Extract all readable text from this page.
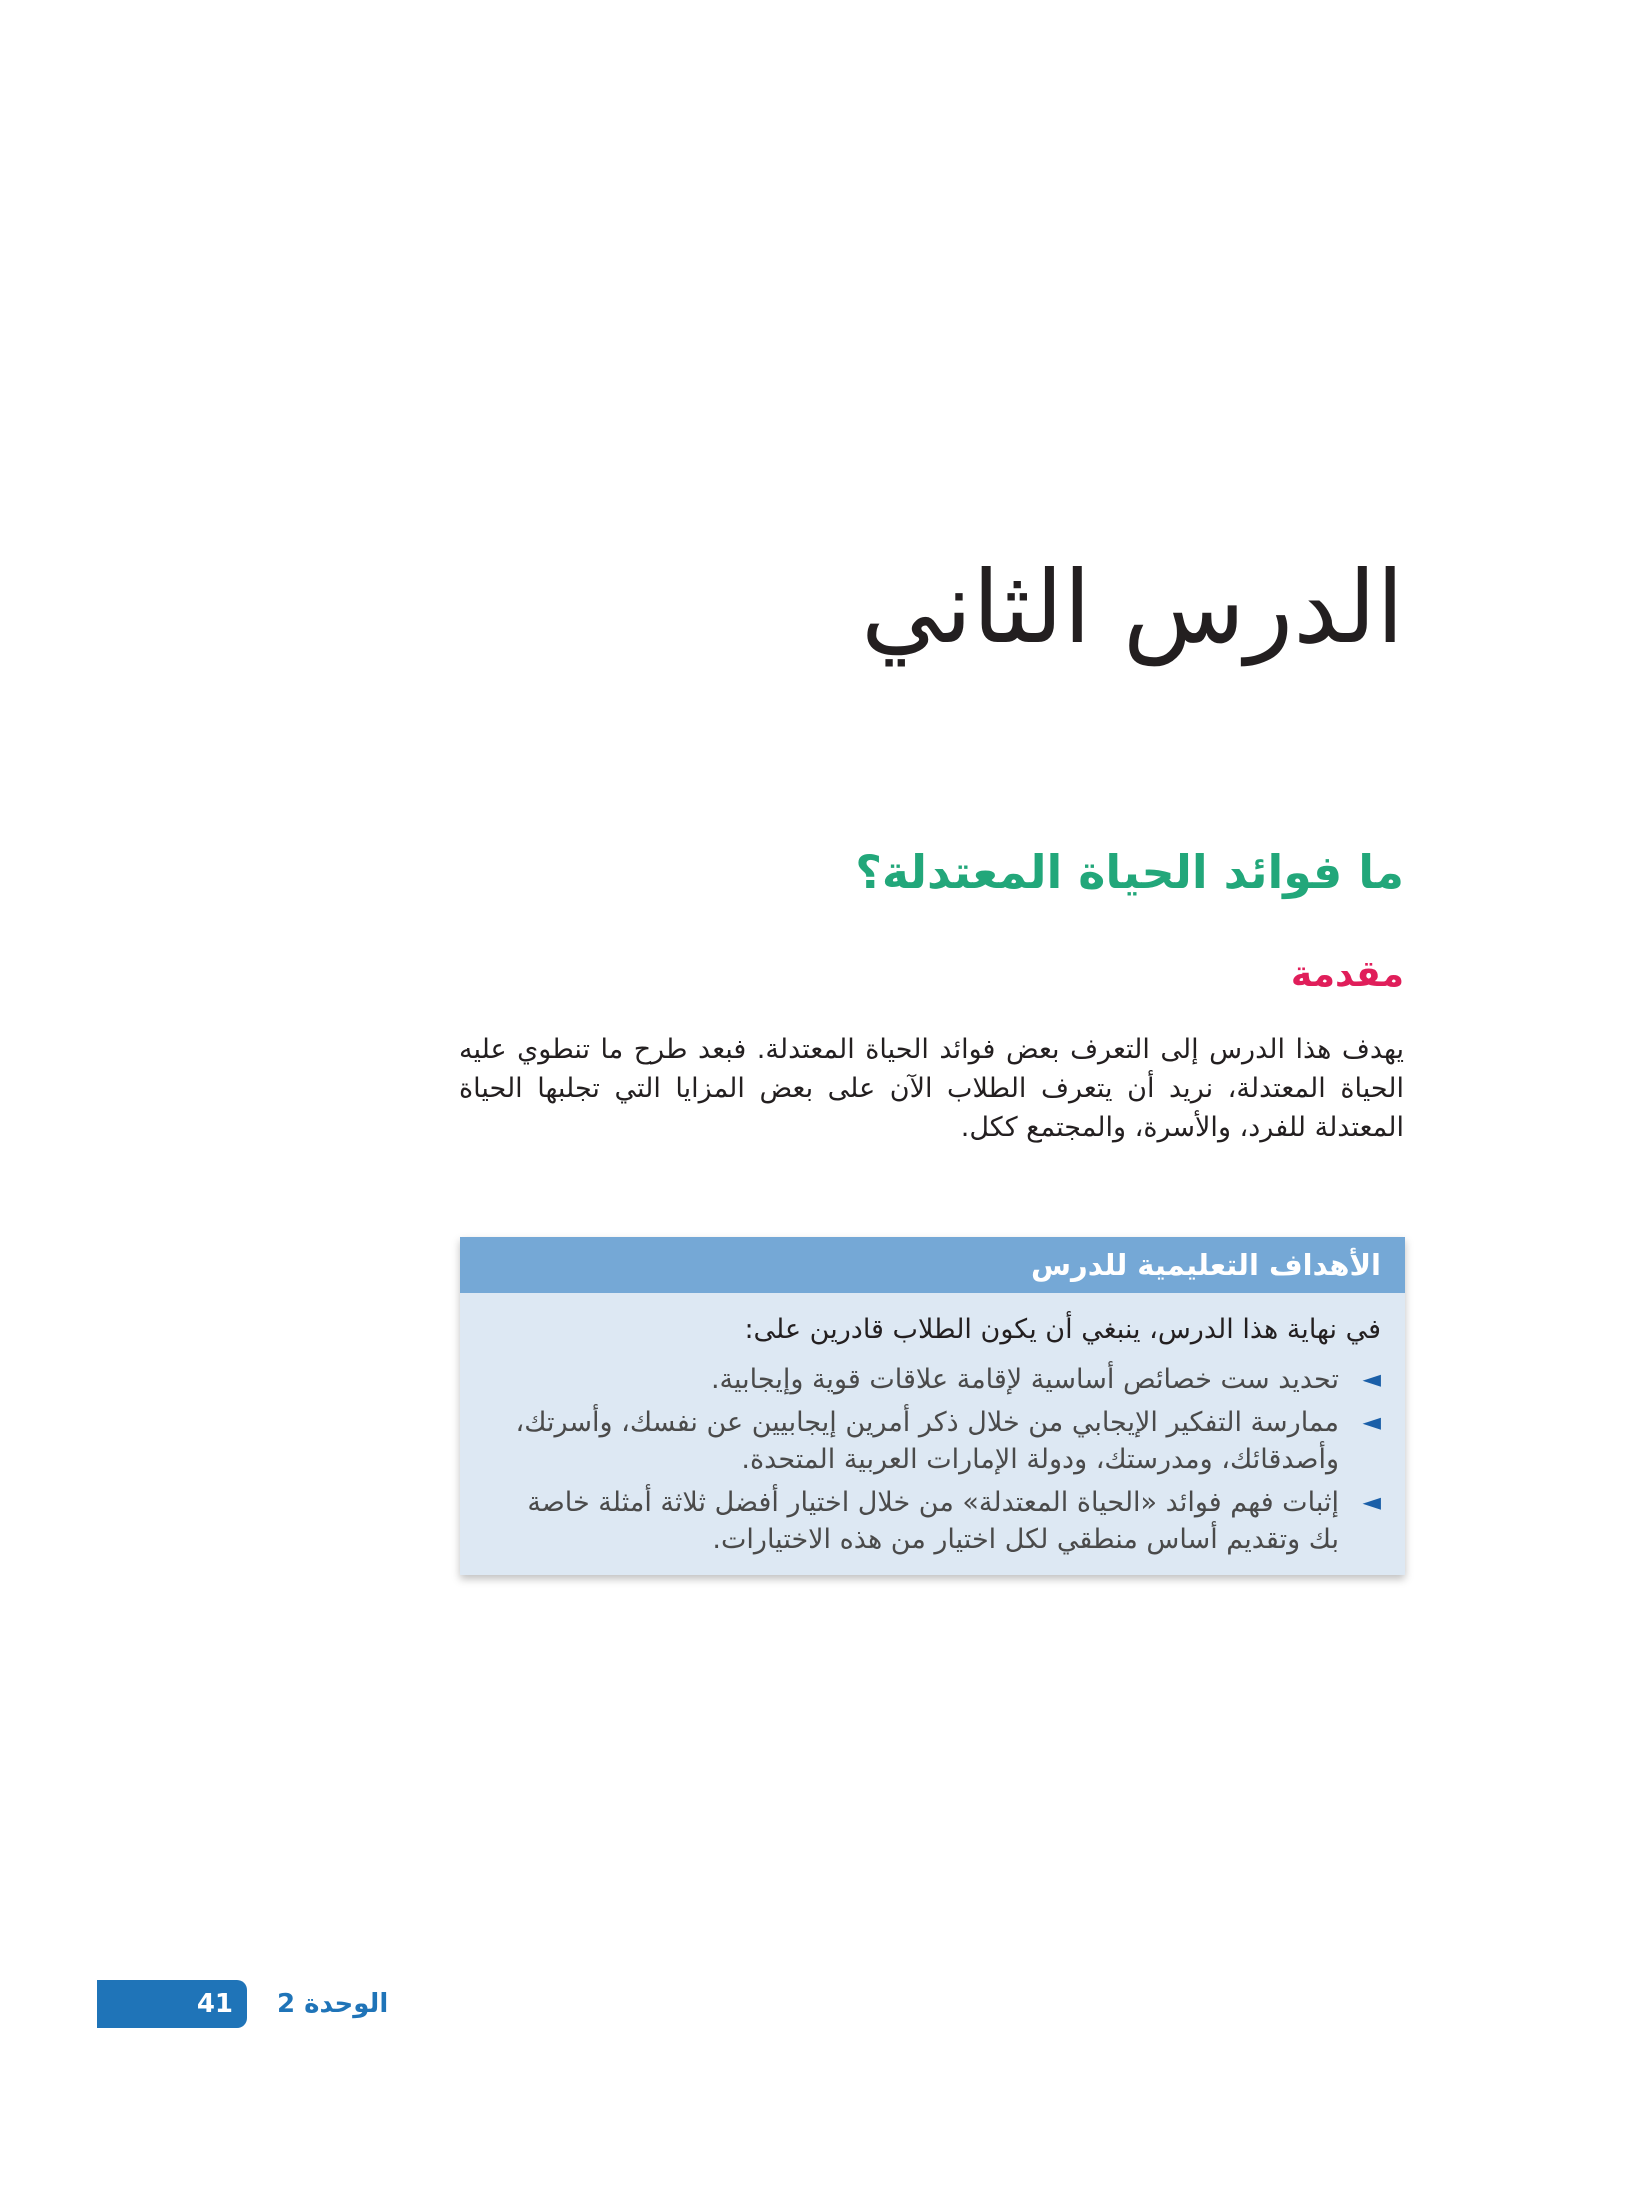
الدرس الثاني
ما فوائد الحياة المعتدلة؟
مقدمة
يهدف هذا الدرس إلى التعرف بعض فوائد الحياة المعتدلة. فبعد طرح ما تنطوي عليه الحياة المعتدلة، نريد أن يتعرف الطلاب الآن على بعض المزايا التي تجلبها الحياة المعتدلة للفرد، والأسرة، والمجتمع ككل.
الأهداف التعليمية للدرس
في نهاية هذا الدرس، ينبغي أن يكون الطلاب قادرين على:
◄
تحديد ست خصائص أساسية لإقامة علاقات قوية وإيجابية.
◄
ممارسة التفكير الإيجابي من خلال ذكر أمرين إيجابيين عن نفسك، وأسرتك، وأصدقائك، ومدرستك، ودولة الإمارات العربية المتحدة.
◄
إثبات فهم فوائد «الحياة المعتدلة» من خلال اختيار أفضل ثلاثة أمثلة خاصة بك وتقديم أساس منطقي لكل اختيار من هذه الاختيارات.
41 الوحدة 2
